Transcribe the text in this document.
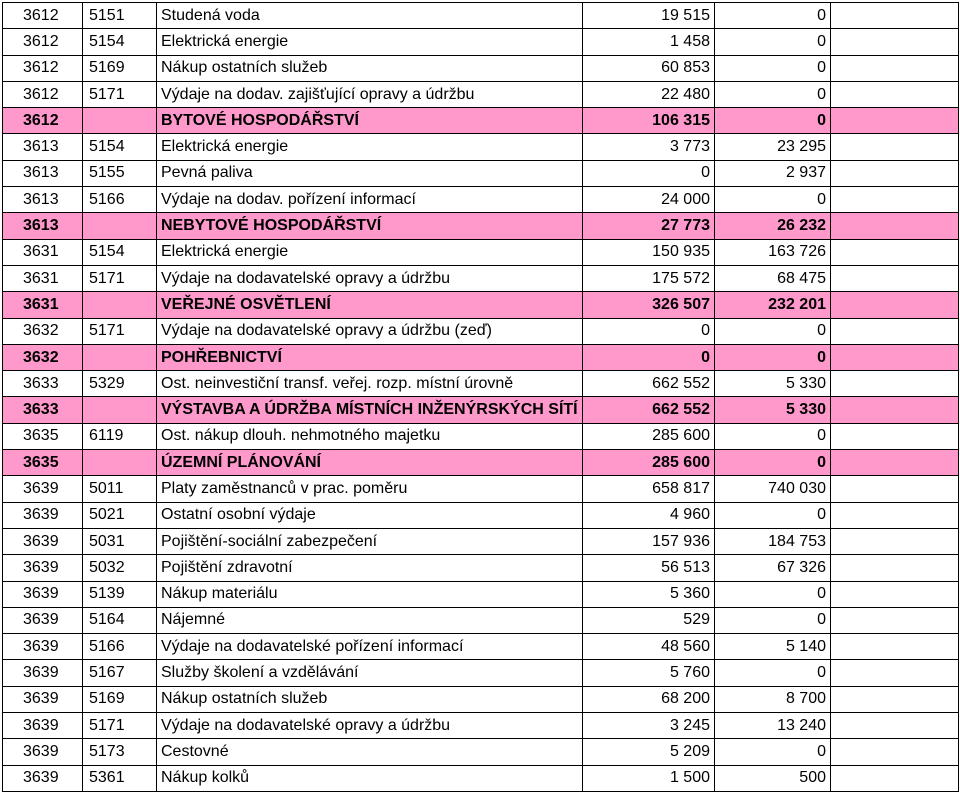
3612	5151	Studená voda	19 515	0	
3612	5154	Elektrická energie	1 458	0	
3612	5169	Nákup ostatních služeb	60 853	0	
3612	5171	Výdaje na dodav. zajišťující opravy a údržbu	22 480	0	
3612		BYTOVÉ HOSPODÁŘSTVÍ	106 315	0	
3613	5154	Elektrická energie	3 773	23 295	
3613	5155	Pevná paliva	0	2 937	
3613	5166	Výdaje na dodav. pořízení informací	24 000	0	
3613		NEBYTOVÉ HOSPODÁŘSTVÍ	27 773	26 232	
3631	5154	Elektrická energie	150 935	163 726	
3631	5171	Výdaje na dodavatelské opravy a údržbu	175 572	68 475	
3631		VEŘEJNÉ OSVĚTLENÍ	326 507	232 201	
3632	5171	Výdaje na dodavatelské opravy a údržbu (zeď)	0	0	
3632		POHŘEBNICTVÍ	0	0	
3633	5329	Ost. neinvestiční transf. veřej. rozp. místní úrovně	662 552	5 330	
3633		VÝSTAVBA A ÚDRŽBA MÍSTNÍCH INŽENÝRSKÝCH SÍTÍ	662 552	5 330	
3635	6119	Ost. nákup dlouh. nehmotného majetku	285 600	0	
3635		ÚZEMNÍ PLÁNOVÁNÍ	285 600	0	
3639	5011	Platy zaměstnanců v prac. poměru	658 817	740 030	
3639	5021	Ostatní osobní výdaje	4 960	0	
3639	5031	Pojištění-sociální zabezpečení	157 936	184 753	
3639	5032	Pojištění zdravotní	56 513	67 326	
3639	5139	Nákup materiálu	5 360	0	
3639	5164	Nájemné	529	0	
3639	5166	Výdaje na dodavatelské pořízení informací	48 560	5 140	
3639	5167	Služby školení a vzdělávání	5 760	0	
3639	5169	Nákup ostatních služeb	68 200	8 700	
3639	5171	Výdaje na dodavatelské opravy a údržbu	3 245	13 240	
3639	5173	Cestovné	5 209	0	
3639	5361	Nákup kolků	1 500	500	
